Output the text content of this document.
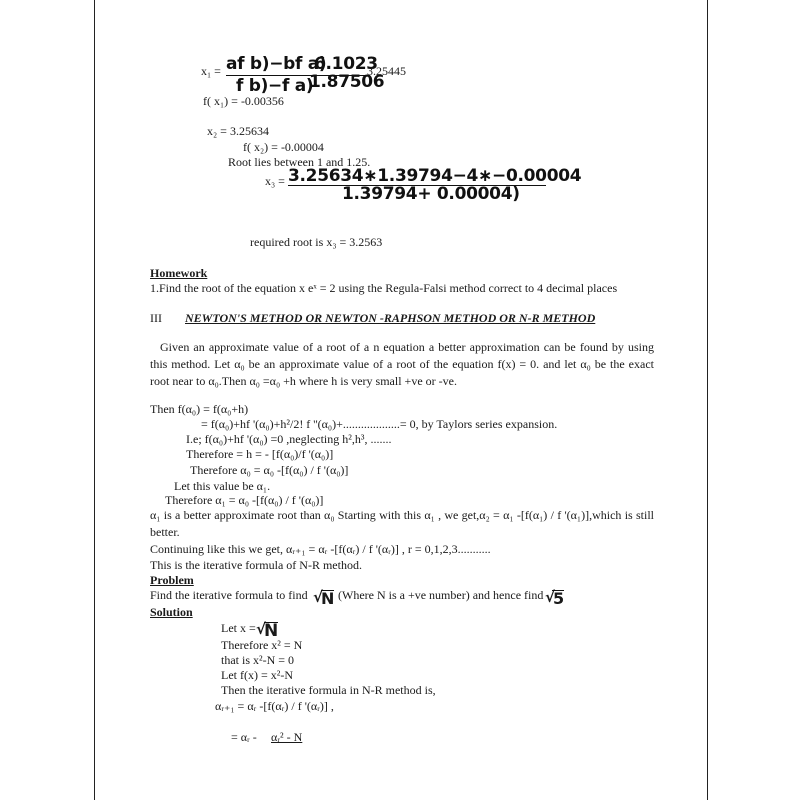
x₁ = af b)−bf a)
6.1023
f b)−f a)
1.87506
3.25445
f( x₁) = -0.00356
x₂ = 3.25634
f( x₂) = -0.00004
Root lies between 1 and 1.25.
x₃ = 3.25634∗1.39794−4∗−0.00004
1.39794+ 0.00004)
required root is x₃ = 3.2563
Homework
1.Find the root of the equation x eˣ = 2 using the Regula-Falsi method correct to 4 decimal places
III NEWTON'S METHOD OR NEWTON -RAPHSON METHOD OR N-R METHOD
Given an approximate value of a root of a n equation a better approximation can be found by using this method. Let α₀ be an approximate value of a root of the equation f(x) = 0. and let α₀ be the exact root near to α₀.Then α₀ =α₀ +h where h is very small +ve or -ve.
Then f(α₀) = f(α₀+h)
= f(α₀)+hf '(α₀)+h²/2! f ''(α₀)+...................= 0, by Taylors series expansion.
I.e; f(α₀)+hf '(α₀) =0 ,neglecting h²,h³, .......
Therefore = h = - [f(α₀)/f '(α₀)]
Therefore α₀ = α₀ -[f(α₀) / f '(α₀)]
Let this value be α₁.
Therefore α₁ = α₀ -[f(α₀) / f '(α₀)]
α₁ is a better approximate root than α₀ Starting with this α₁ , we get,α₂ = α₁ -[f(α₁) / f '(α₁)],which is still better.
Continuing like this we get, αᵣ₊₁ = αᵣ -[f(αᵣ) / f '(αᵣ)] , r = 0,1,2,3...........
This is the iterative formula of N-R method.
Problem
Find the iterative formula to find √
N (Where N is a +ve number) and hence find √
5
Solution
Let x = √
N
Therefore x² = N
that is x²-N = 0
Let f(x) = x²-N
Then the iterative formula in N-R method is,
αᵣ₊₁ = αᵣ -[f(αᵣ) / f '(αᵣ)] ,
= αᵣ - αᵣ² - N
